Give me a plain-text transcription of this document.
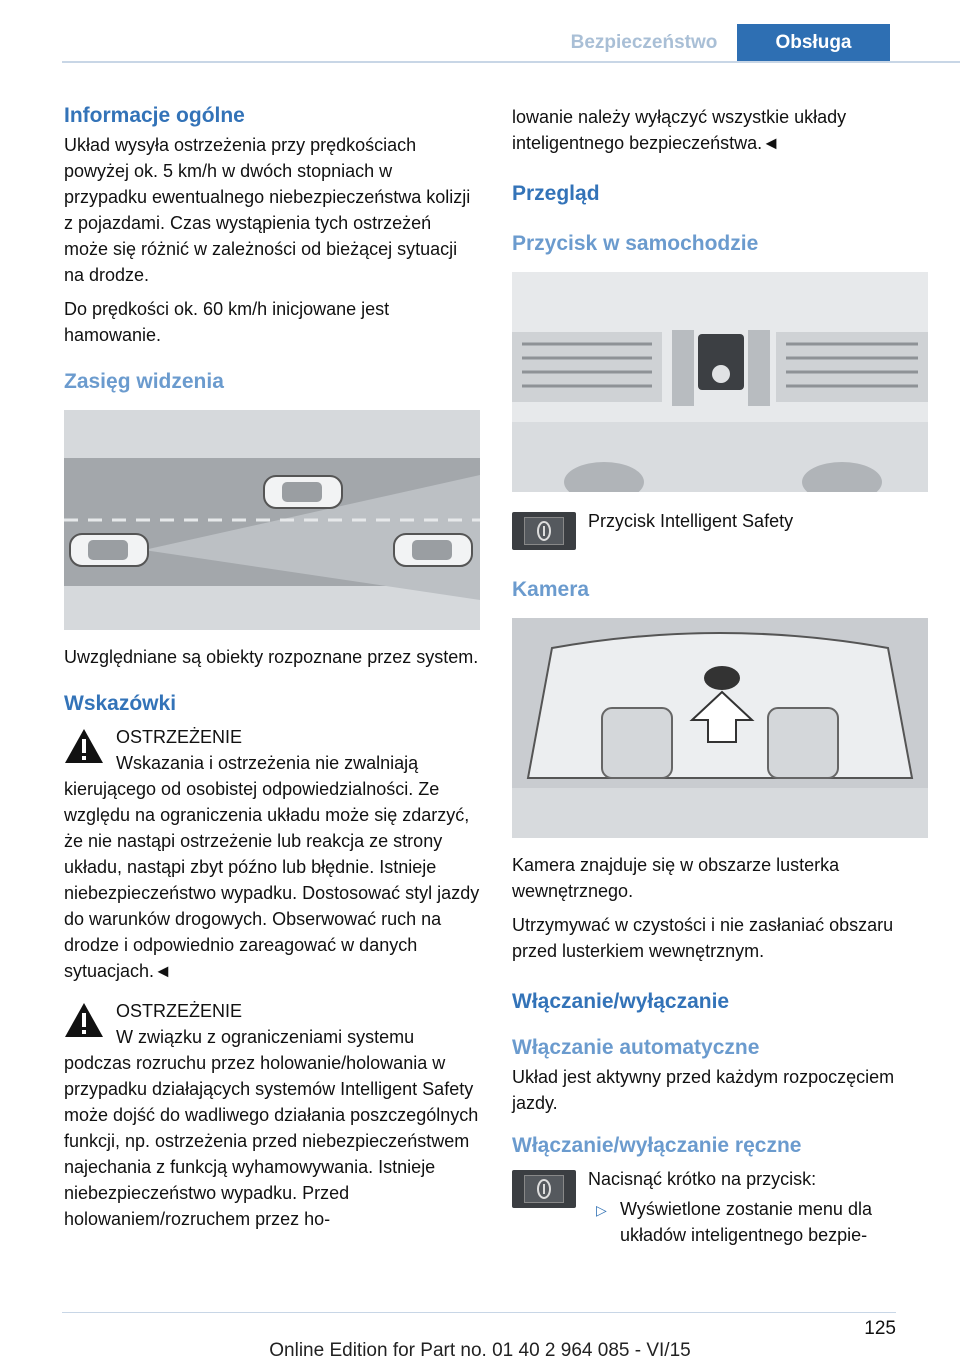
Bezpieczeństwo	Obsługa
Informacje ogólne

Układ wysyła ostrzeżenia przy prędkościach powyżej ok. 5 km/h w dwóch stopniach w przypadku ewentualnego niebezpieczeństwa kolizji z pojazdami. Czas wystąpienia tych ostrzeżeń może się różnić w zależności od bieżącej sytuacji na drodze.

Do prędkości ok. 60 km/h inicjowane jest hamowanie.

Zasięg widzenia

Uwzględniane są obiekty rozpoznane przez system.

Wskazówki

OSTRZEŻENIE

Wskazania i ostrzeżenia nie zwalniają kierującego od osobistej odpowiedzialności. Ze względu na ograniczenia układu może się zdarzyć, że nie nastąpi ostrzeżenie lub reakcja ze strony układu, nastąpi zbyt późno lub błędnie. Istnieje niebezpieczeństwo wypadku. Dostosować styl jazdy do warunków drogowych. Obserwować ruch na drodze i odpowiednio zareagować w danych sytuacjach.◄

OSTRZEŻENIE

W związku z ograniczeniami systemu podczas rozruchu przez holowanie/holowania w przypadku działających systemów Intelligent Safety może dojść do wadliwego działania poszczególnych funkcji, np. ostrzeżenia przed niebezpieczeństwem najechania z funkcją wyhamowywania. Istnieje niebezpieczeństwo wypadku. Przed holowaniem/rozruchem przez ho-

lowanie należy wyłączyć wszystkie układy inteligentnego bezpieczeństwa.◄

Przegląd
Przycisk w samochodzie

Przycisk Intelligent Safety

Kamera

Kamera znajduje się w obszarze lusterka wewnętrznego.

Utrzymywać w czystości i nie zasłaniać obszaru przed lusterkiem wewnętrznym.

Włączanie/wyłączanie
Włączanie automatyczne

Układ jest aktywny przed każdym rozpoczęciem jazdy.

Włączanie/wyłączanie ręczne

Nacisnąć krótko na przycisk:

▷ Wyświetlone zostanie menu dla układów inteligentnego bezpie-

125
Online Edition for Part no. 01 40 2 964 085 - VI/15
